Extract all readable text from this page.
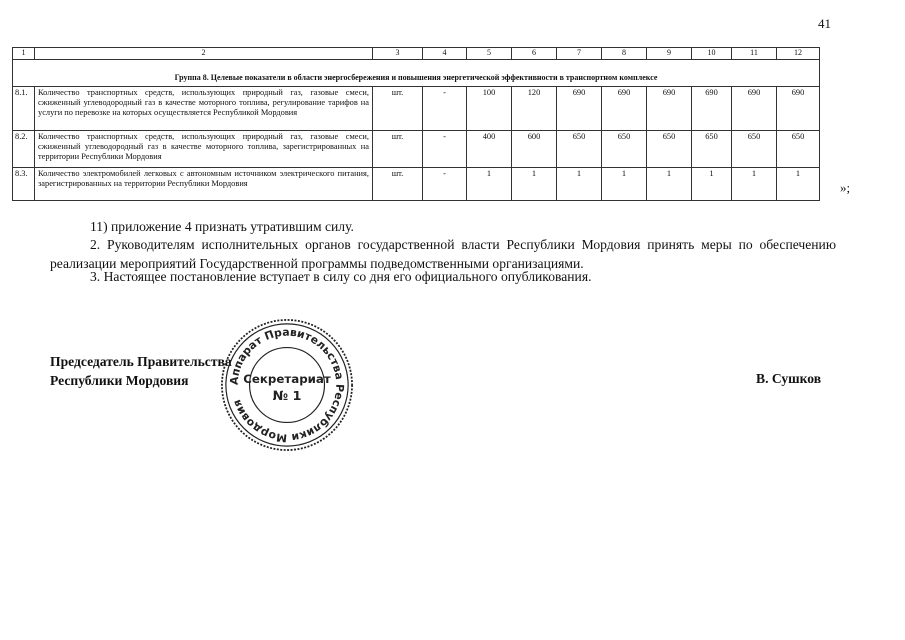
41
1	2	3	4	5	6	7	8	9	10	11	12
Группа 8. Целевые показатели в области энергосбережения и повышения энергетической эффективности в транспортном комплексе											
8.1.	Количество транспортных средств, использующих природный газ, газовые смеси, сжиженный углеводородный газ в качестве моторного топлива, регулирование тарифов на услуги по перевозке на которых осуществляется Республикой Мордовия	шт.	-	100	120	690	690	690	690	690	690
8.2.	Количество транспортных средств, использующих природный газ, газовые смеси, сжиженный углеводородный газ в качестве моторного топлива, зарегистрированных на территории Республики Мордовия	шт.	-	400	600	650	650	650	650	650	650
8.3.	Количество электромобилей легковых с автономным источником электрического питания, зарегистрированных на территории Республики Мордовия	шт.	-	1	1	1	1	1	1	1	1
»;
11) приложение 4 признать утратившим силу.
2. Руководителям исполнительных органов государственной власти Республики Мордовия принять меры по обеспечению реализации мероприятий Государственной программы подведомственными организациями.
3. Настоящее постановление вступает в силу со дня его официального опубликования.
Председатель Правительства
Республики Мордовия	В. Сушков
Аппарат Правительства Республики Мордовия
Секретариат
№ 1
